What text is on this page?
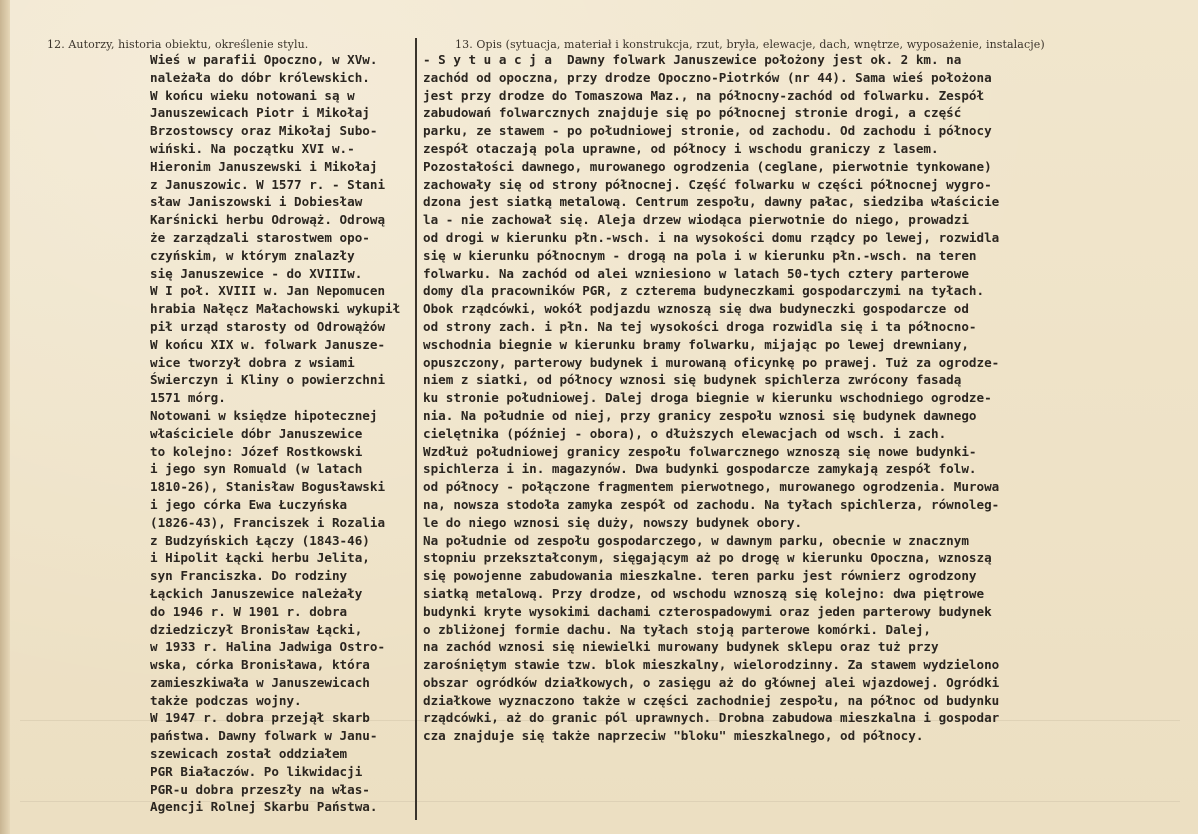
12. Autorzy, historia obiektu, określenie stylu.	13. Opis (sytuacja, materiał i konstrukcja, rzut, bryła, elewacje, dach, wnętrze, wyposażenie, instalacje)
Wieś w parafii Opoczno, w XVw.
należała do dóbr królewskich.
W końcu wieku notowani są w
Januszewicach Piotr i Mikołaj
Brzostowscy oraz Mikołaj Subo-
wiński. Na początku XVI w.-
Hieronim Januszewski i Mikołaj
z Januszowic. W 1577 r. - Stani
sław Janiszowski i Dobiesław
Karśnicki herbu Odrowąż. Odrową
że zarządzali starostwem opo-
czyńskim, w którym znalazły
się Januszewice - do XVIIIw.
W I poł. XVIII w. Jan Nepomucen
hrabia Nałęcz Małachowski wykupił
pił urząd starosty od Odrowążów
W końcu XIX w. folwark Janusze-
wice tworzył dobra z wsiami
Świerczyn i Kliny o powierzchni
1571 mórg.
Notowani w księdze hipotecznej
właściciele dóbr Januszewice
to kolejno: Józef Rostkowski
i jego syn Romuald (w latach
1810-26), Stanisław Bogusławski
i jego córka Ewa Łuczyńska
(1826-43), Franciszek i Rozalia
z Budzyńskich Łączy (1843-46)
i Hipolit Łącki herbu Jelita,
syn Franciszka. Do rodziny
Łąckich Januszewice należały
do 1946 r. W 1901 r. dobra
dziedziczył Bronisław Łącki,
w 1933 r. Halina Jadwiga Ostro-
wska, córka Bronisława, która
zamieszkiwała w Januszewicach
także podczas wojny.
W 1947 r. dobra przejął skarb
państwa. Dawny folwark w Janu-
szewicach został oddziałem
PGR Białaczów. Po likwidacji
PGR-u dobra przeszły na włas-
Agencji Rolnej Skarbu Państwa.
- S y t u a c j a  Dawny folwark Januszewice położony jest ok. 2 km. na
zachód od opoczna, przy drodze Opoczno-Piotrków (nr 44). Sama wieś położona
jest przy drodze do Tomaszowa Maz., na północny-zachód od folwarku. Zespół
zabudowań folwarcznych znajduje się po północnej stronie drogi, a część
parku, ze stawem - po południowej stronie, od zachodu. Od zachodu i północy
zespół otaczają pola uprawne, od północy i wschodu graniczy z lasem.
Pozostałości dawnego, murowanego ogrodzenia (ceglane, pierwotnie tynkowane)
zachowały się od strony północnej. Część folwarku w części północnej wygro-
dzona jest siatką metalową. Centrum zespołu, dawny pałac, siedziba właścicie
la - nie zachował się. Aleja drzew wiodąca pierwotnie do niego, prowadzi
od drogi w kierunku płn.-wsch. i na wysokości domu rządcy po lewej, rozwidla
się w kierunku północnym - drogą na pola i w kierunku płn.-wsch. na teren
folwarku. Na zachód od alei wzniesiono w latach 50-tych cztery parterowe
domy dla pracowników PGR, z czterema budyneczkami gospodarczymi na tyłach.
Obok rządcówki, wokół podjazdu wznoszą się dwa budyneczki gospodarcze od
od strony zach. i płn. Na tej wysokości droga rozwidla się i ta północno-
wschodnia biegnie w kierunku bramy folwarku, mijając po lewej drewniany,
opuszczony, parterowy budynek i murowaną oficynkę po prawej. Tuż za ogrodze-
niem z siatki, od północy wznosi się budynek spichlerza zwrócony fasadą
ku stronie południowej. Dalej droga biegnie w kierunku wschodniego ogrodze-
nia. Na południe od niej, przy granicy zespołu wznosi się budynek dawnego
cielętnika (później - obora), o dłuższych elewacjach od wsch. i zach.
Wzdłuż południowej granicy zespołu folwarcznego wznoszą się nowe budynki-
spichlerza i in. magazynów. Dwa budynki gospodarcze zamykają zespół folw.
od północy - połączone fragmentem pierwotnego, murowanego ogrodzenia. Murowa
na, nowsza stodoła zamyka zespół od zachodu. Na tyłach spichlerza, równoleg-
le do niego wznosi się duży, nowszy budynek obory.
Na południe od zespołu gospodarczego, w dawnym parku, obecnie w znacznym
stopniu przekształconym, sięgającym aż po drogę w kierunku Opoczna, wznoszą
się powojenne zabudowania mieszkalne. teren parku jest równierz ogrodzony
siatką metalową. Przy drodze, od wschodu wznoszą się kolejno: dwa piętrowe
budynki kryte wysokimi dachami czterospadowymi oraz jeden parterowy budynek
o zbliżonej formie dachu. Na tyłach stoją parterowe komórki. Dalej,
na zachód wznosi się niewielki murowany budynek sklepu oraz tuż przy
zarośniętym stawie tzw. blok mieszkalny, wielorodzinny. Za stawem wydzielono
obszar ogródków działkowych, o zasięgu aż do głównej alei wjazdowej. Ogródki
działkowe wyznaczono także w części zachodniej zespołu, na północ od budynku
rządcówki, aż do granic pól uprawnych. Drobna zabudowa mieszkalna i gospodar
cza znajduje się także naprzeciw "bloku" mieszkalnego, od północy.
